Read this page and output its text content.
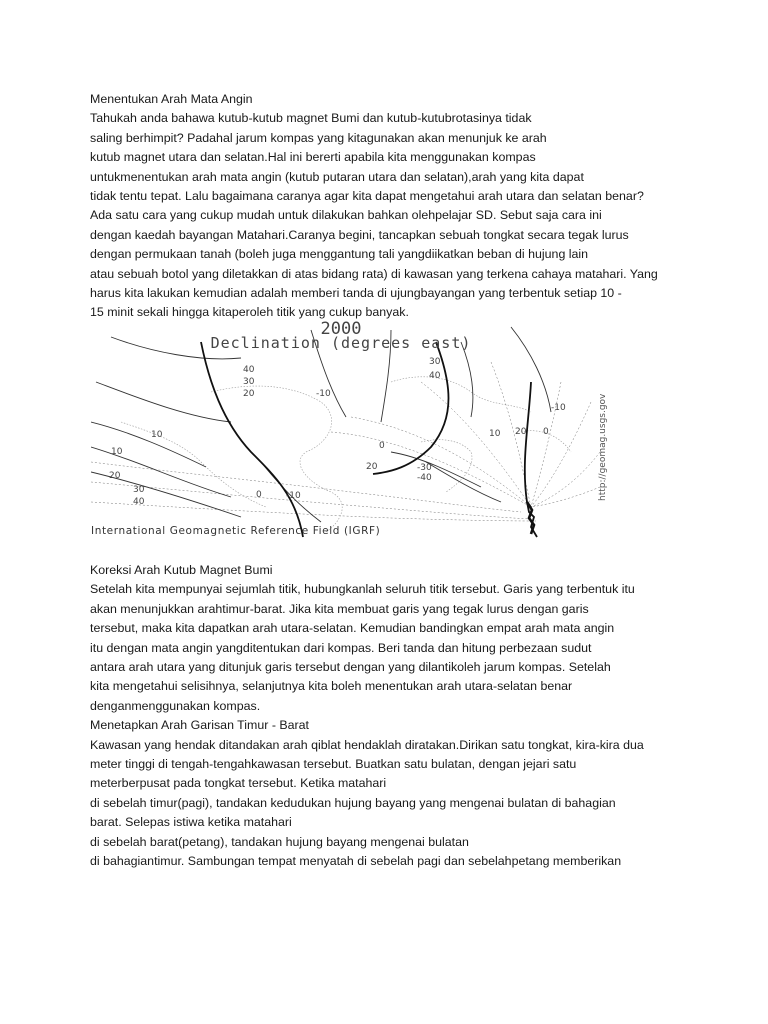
Menentukan Arah Mata Angin
Tahukah anda bahawa kutub-kutub magnet Bumi dan kutub-kutubrotasinya tidak
saling berhimpit? Padahal jarum kompas yang kitagunakan akan menunjuk ke arah
kutub magnet utara dan selatan.Hal ini bererti apabila kita menggunakan kompas
untukmenentukan arah mata angin (kutub putaran utara dan selatan),arah yang kita dapat
tidak tentu tepat. Lalu bagaimana caranya agar kita dapat mengetahui arah utara dan selatan benar?
Ada satu cara yang cukup mudah untuk dilakukan bahkan olehpelajar SD. Sebut saja cara ini
dengan kaedah bayangan Matahari.Caranya begini, tancapkan sebuah tongkat secara tegak lurus
dengan permukaan tanah (boleh juga menggantung tali yangdiikatkan beban di hujung lain
atau sebuah botol yang diletakkan di atas bidang rata) di kawasan yang terkena cahaya matahari. Yang
harus kita lakukan kemudian adalah memberi tanda di ujungbayangan yang terbentuk setiap 10 -
15 minit sekali hingga kitaperoleh titik yang cukup banyak.
40
30
20
10
10
20
30
40
0
0	-10
-10
20
30
40
-30
-40
10 20 0
-10
2000
Declination (degrees east)
International Geomagnetic Reference Field (IGRF)
http://geomag.usgs.gov
Koreksi Arah Kutub Magnet Bumi
Setelah kita mempunyai sejumlah titik, hubungkanlah seluruh titik tersebut. Garis yang terbentuk itu
akan menunjukkan arahtimur-barat. Jika kita membuat garis yang tegak lurus dengan garis
tersebut, maka kita dapatkan arah utara-selatan. Kemudian bandingkan empat arah mata angin
itu dengan mata angin yangditentukan dari kompas. Beri tanda dan hitung perbezaan sudut
antara arah utara yang ditunjuk garis tersebut dengan yang dilantikoleh jarum kompas. Setelah
kita mengetahui selisihnya, selanjutnya kita boleh menentukan arah utara-selatan benar
denganmenggunakan kompas.
Menetapkan Arah Garisan Timur - Barat
Kawasan yang hendak ditandakan arah qiblat hendaklah diratakan.Dirikan satu tongkat, kira-kira dua
meter tinggi di tengah-tengahkawasan tersebut. Buatkan satu bulatan, dengan jejari satu
meterberpusat pada tongkat tersebut. Ketika matahari
di sebelah timur(pagi), tandakan kedudukan hujung bayang yang mengenai bulatan di bahagian
barat. Selepas istiwa ketika matahari
di sebelah barat(petang), tandakan hujung bayang mengenai bulatan
di bahagiantimur. Sambungan tempat menyatah di sebelah pagi dan sebelahpetang memberikan
